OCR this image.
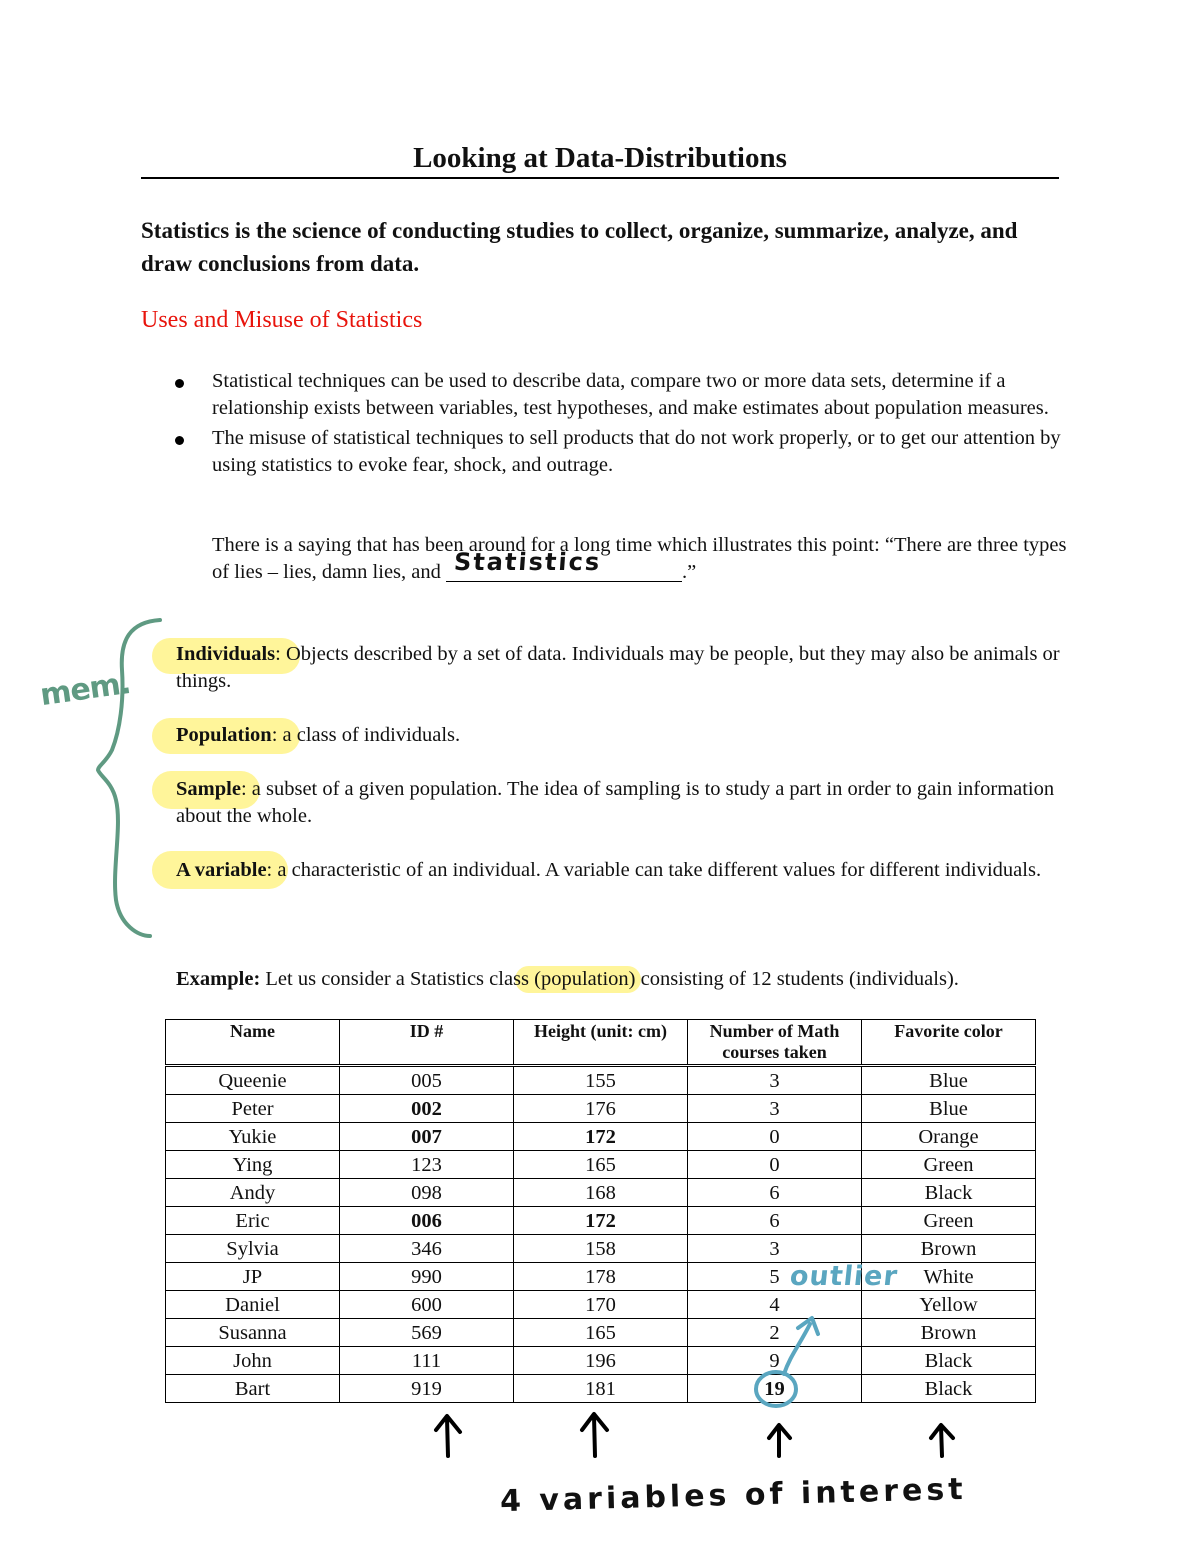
Looking at Data-Distributions
Statistics is the science of conducting studies to collect, organize, summarize, analyze, and draw conclusions from data.
Uses and Misuse of Statistics
Statistical techniques can be used to describe data, compare two or more data sets, determine if a relationship exists between variables, test hypotheses, and make estimates about population measures.
The misuse of statistical techniques to sell products that do not work properly, or to get our attention by using statistics to evoke fear, shock, and outrage.
There is a saying that has been around for a long time which illustrates this point: “There are three types of lies – lies, damn lies, and Statistics	.”
Individuals: Objects described by a set of data. Individuals may be people, but they may also be animals or things.
Population: a class of individuals.
Sample: a subset of a given population. The idea of sampling is to study a part in order to gain information about the whole.
A variable: a characteristic of an individual. A variable can take different values for different individuals.
Example: Let us consider a Statistics class (population) consisting of 12 students (individuals).
Name	ID #	Height (unit: cm)	Number of Math courses taken	Favorite color
Queenie	005	155	3	Blue
Peter	002	176	3	Blue
Yukie	007	172	0	Orange
Ying	123	165	0	Green
Andy	098	168	6	Black
Eric	006	172	6	Green
Sylvia	346	158	3	Brown
JP	990	178	5	White
Daniel	600	170	4	Yellow
Susanna	569	165	2	Brown
John	111	196	9	Black
Bart	919	181	19	Black
mem.
outlier
4 variables of interest
